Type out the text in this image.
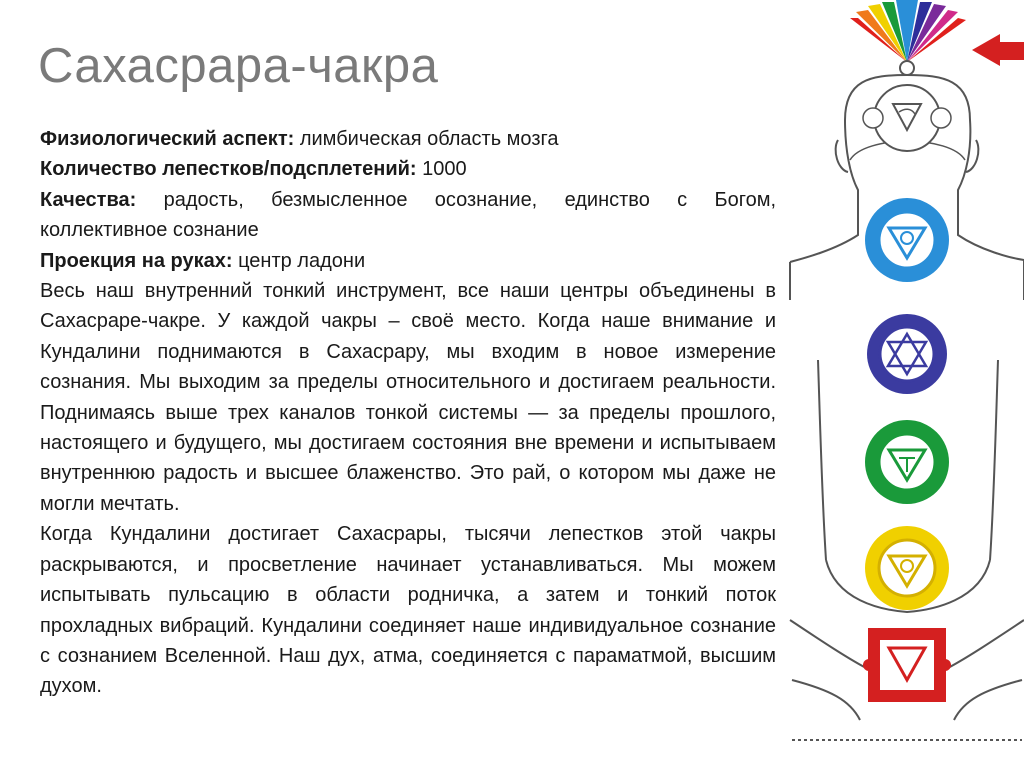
Сахасрара-чакра

Физиологический аспект: лимбическая область мозга

Количество лепестков/подсплетений: 1000

Качества: радость, безмысленное осознание, единство с Богом, коллективное сознание

Проекция на руках: центр ладони

Весь наш внутренний тонкий инструмент, все наши центры объединены в Сахасраре-чакре. У каждой чакры – своё место. Когда наше внимание и Кундалини поднимаются в Сахасрару, мы входим в новое измерение сознания. Мы выходим за пределы относительного и достигаем реальности. Поднимаясь выше трех каналов тонкой системы — за пределы прошлого, настоящего и будущего, мы достигаем состояния вне времени и испытываем внутреннюю радость и высшее блаженство. Это рай, о котором мы даже не могли мечтать.

Когда Кундалини достигает Сахасрары, тысячи лепестков этой чакры раскрываются, и просветление начинает устанавливаться. Мы можем испытывать пульсацию в области родничка, а затем и тонкий поток прохладных вибраций. Кундалини соединяет наше индивидуальное сознание с сознанием Вселенной. Наш дух, атма, соединяется с параматмой, высшим духом.
